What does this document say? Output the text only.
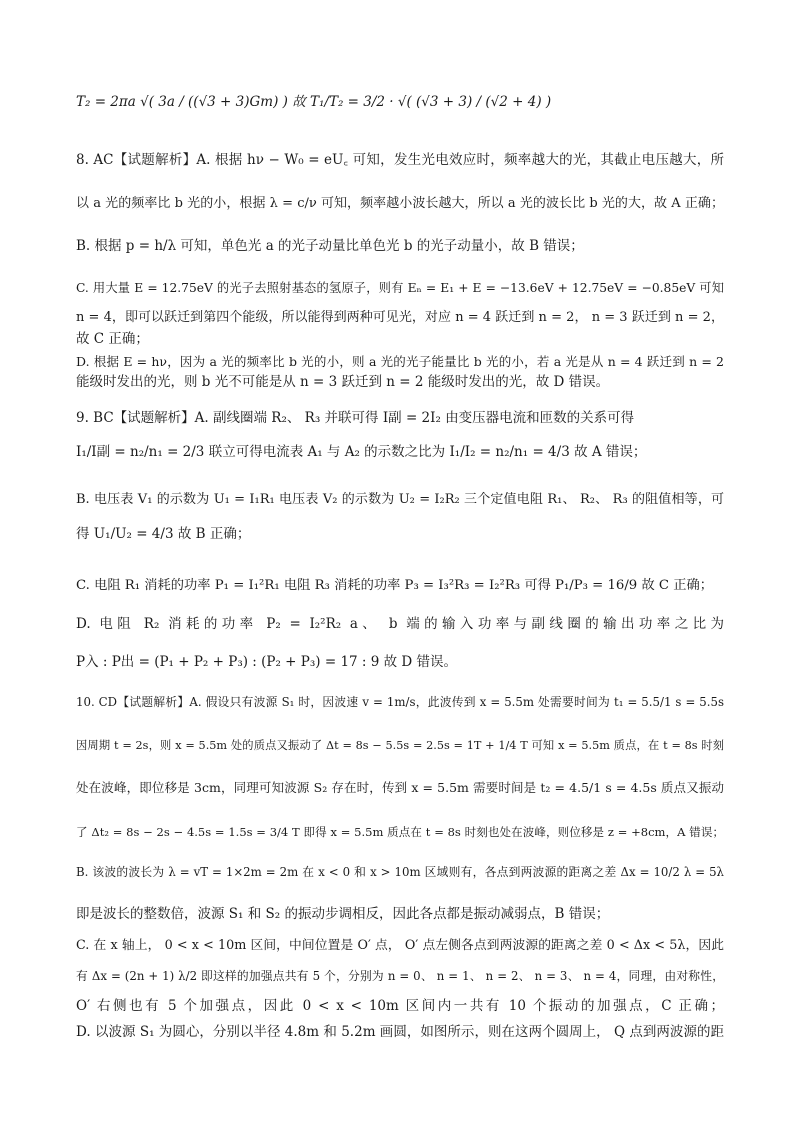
T₂ = 2πa √( 3a / ((√3 + 3)Gm) ) 故 T₁/T₂ = 3/2 · √( (√3 + 3) / (√2 + 4) )
8. AC【试题解析】A. 根据 hν − W₀ = eU꜀ 可知，发生光电效应时，频率越大的光，其截止电压越大，所
以 a 光的频率比 b 光的小，根据 λ = c/ν 可知，频率越小波长越大，所以 a 光的波长比 b 光的大，故 A 正确；
B. 根据 p = h/λ 可知，单色光 a 的光子动量比单色光 b 的光子动量小，故 B 错误；
C. 用大量 E = 12.75eV 的光子去照射基态的氢原子，则有 Eₙ = E₁ + E = −13.6eV + 12.75eV = −0.85eV 可知
n = 4，即可以跃迁到第四个能级，所以能得到两种可见光，对应 n = 4 跃迁到 n = 2， n = 3 跃迁到 n = 2，
故 C 正确；
D. 根据 E = hν，因为 a 光的频率比 b 光的小，则 a 光的光子能量比 b 光的小，若 a 光是从 n = 4 跃迁到 n = 2
能级时发出的光，则 b 光不可能是从 n = 3 跃迁到 n = 2 能级时发出的光，故 D 错误。
9. BC【试题解析】A. 副线圈端 R₂、 R₃ 并联可得 I副 = 2I₂ 由变压器电流和匝数的关系可得
I₁/I副 = n₂/n₁ = 2/3 联立可得电流表 A₁ 与 A₂ 的示数之比为 I₁/I₂ = n₂/n₁ = 4/3 故 A 错误；
B. 电压表 V₁ 的示数为 U₁ = I₁R₁ 电压表 V₂ 的示数为 U₂ = I₂R₂ 三个定值电阻 R₁、 R₂、 R₃ 的阻值相等，可
得 U₁/U₂ = 4/3 故 B 正确；
C. 电阻 R₁ 消耗的功率 P₁ = I₁²R₁ 电阻 R₃ 消耗的功率 P₃ = I₃²R₃ = I₂²R₃ 可得 P₁/P₃ = 16/9 故 C 正确；
D. 电阻 R₂ 消耗的功率 P₂ = I₂²R₂ a、 b 端的输入功率与副线圈的输出功率之比为
P入 : P出 = (P₁ + P₂ + P₃) : (P₂ + P₃) = 17 : 9 故 D 错误。
10. CD【试题解析】A. 假设只有波源 S₁ 时，因波速 v = 1m/s，此波传到 x = 5.5m 处需要时间为 t₁ = 5.5/1 s = 5.5s
因周期 t = 2s，则 x = 5.5m 处的质点又振动了 Δt = 8s − 5.5s = 2.5s = 1T + 1/4 T 可知 x = 5.5m 质点，在 t = 8s 时刻
处在波峰，即位移是 3cm，同理可知波源 S₂ 存在时，传到 x = 5.5m 需要时间是 t₂ = 4.5/1 s = 4.5s 质点又振动
了 Δt₂ = 8s − 2s − 4.5s = 1.5s = 3/4 T 即得 x = 5.5m 质点在 t = 8s 时刻也处在波峰，则位移是 z = +8cm，A 错误；
B. 该波的波长为 λ = vT = 1×2m = 2m 在 x < 0 和 x > 10m 区域则有，各点到两波源的距离之差 Δx = 10/2 λ = 5λ
即是波长的整数倍，波源 S₁ 和 S₂ 的振动步调相反，因此各点都是振动减弱点，B 错误；
C. 在 x 轴上， 0 < x < 10m 区间，中间位置是 O′ 点， O′ 点左侧各点到两波源的距离之差 0 < Δx < 5λ，因此
有 Δx = (2n + 1) λ/2 即这样的加强点共有 5 个，分别为 n = 0、 n = 1、 n = 2、 n = 3、 n = 4，同理，由对称性，
O′ 右侧也有 5 个加强点，因此 0 < x < 10m 区间内一共有 10 个振动的加强点，C 正确；
D. 以波源 S₁ 为圆心，分别以半径 4.8m 和 5.2m 画圆，如图所示，则在这两个圆周上， Q 点到两波源的距
